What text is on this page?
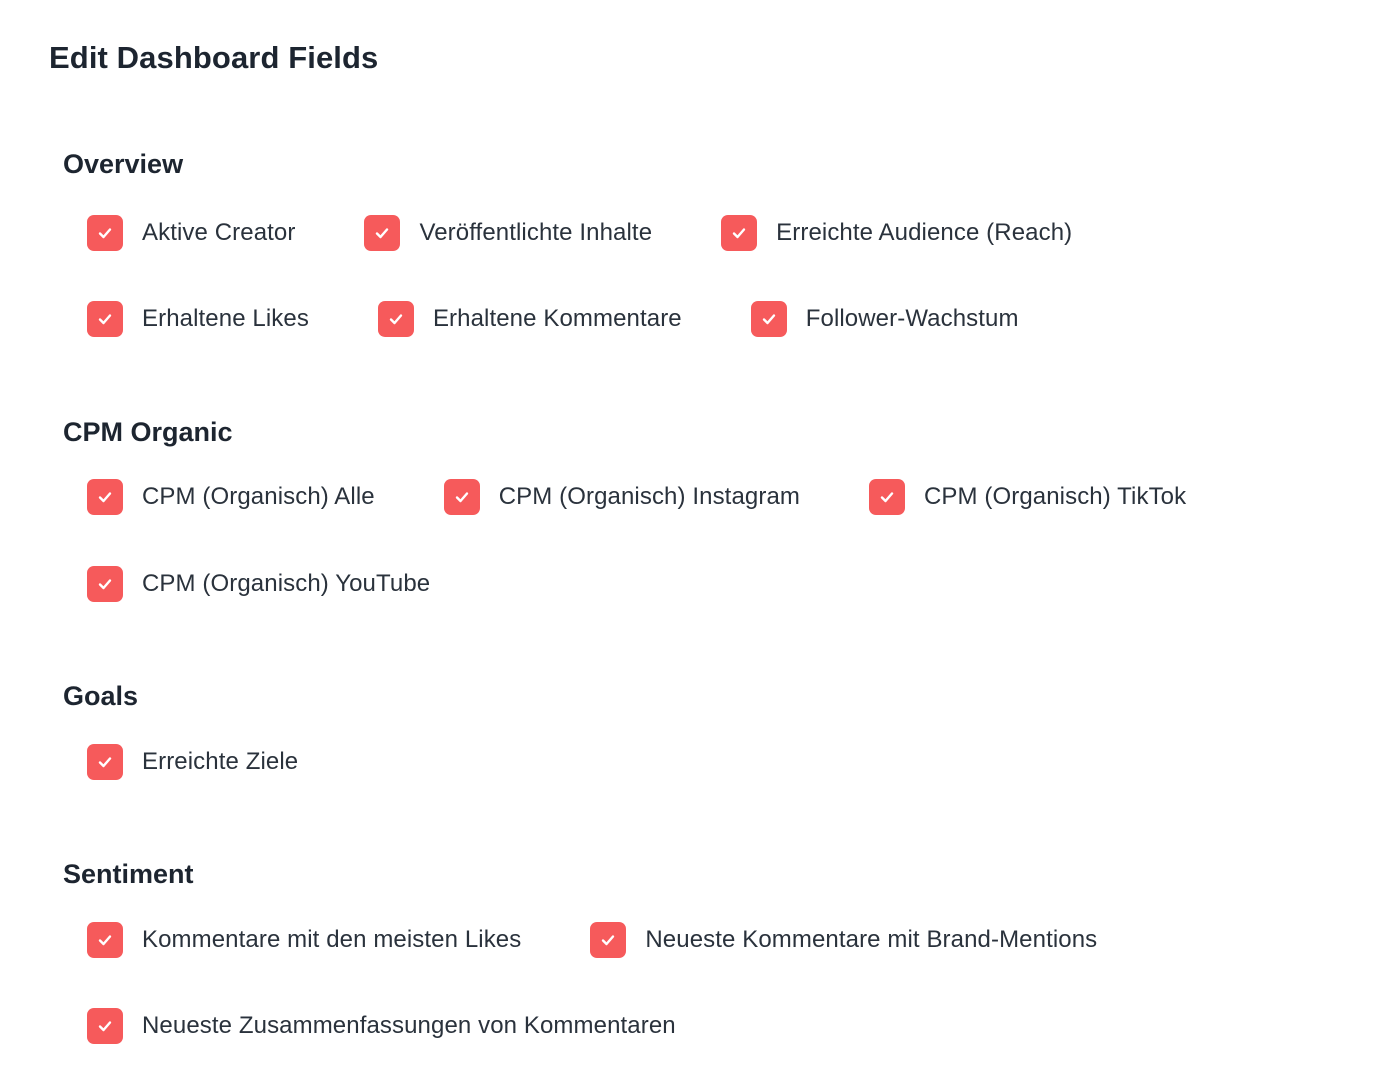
Edit Dashboard Fields
Overview
Aktive Creator	Veröffentlichte Inhalte	Erreichte Audience (Reach)
Erhaltene Likes	Erhaltene Kommentare	Follower-Wachstum
CPM Organic
CPM (Organisch) Alle	CPM (Organisch) Instagram	CPM (Organisch) TikTok
CPM (Organisch) YouTube
Goals
Erreichte Ziele
Sentiment
Kommentare mit den meisten Likes	Neueste Kommentare mit Brand-Mentions
Neueste Zusammenfassungen von Kommentaren
